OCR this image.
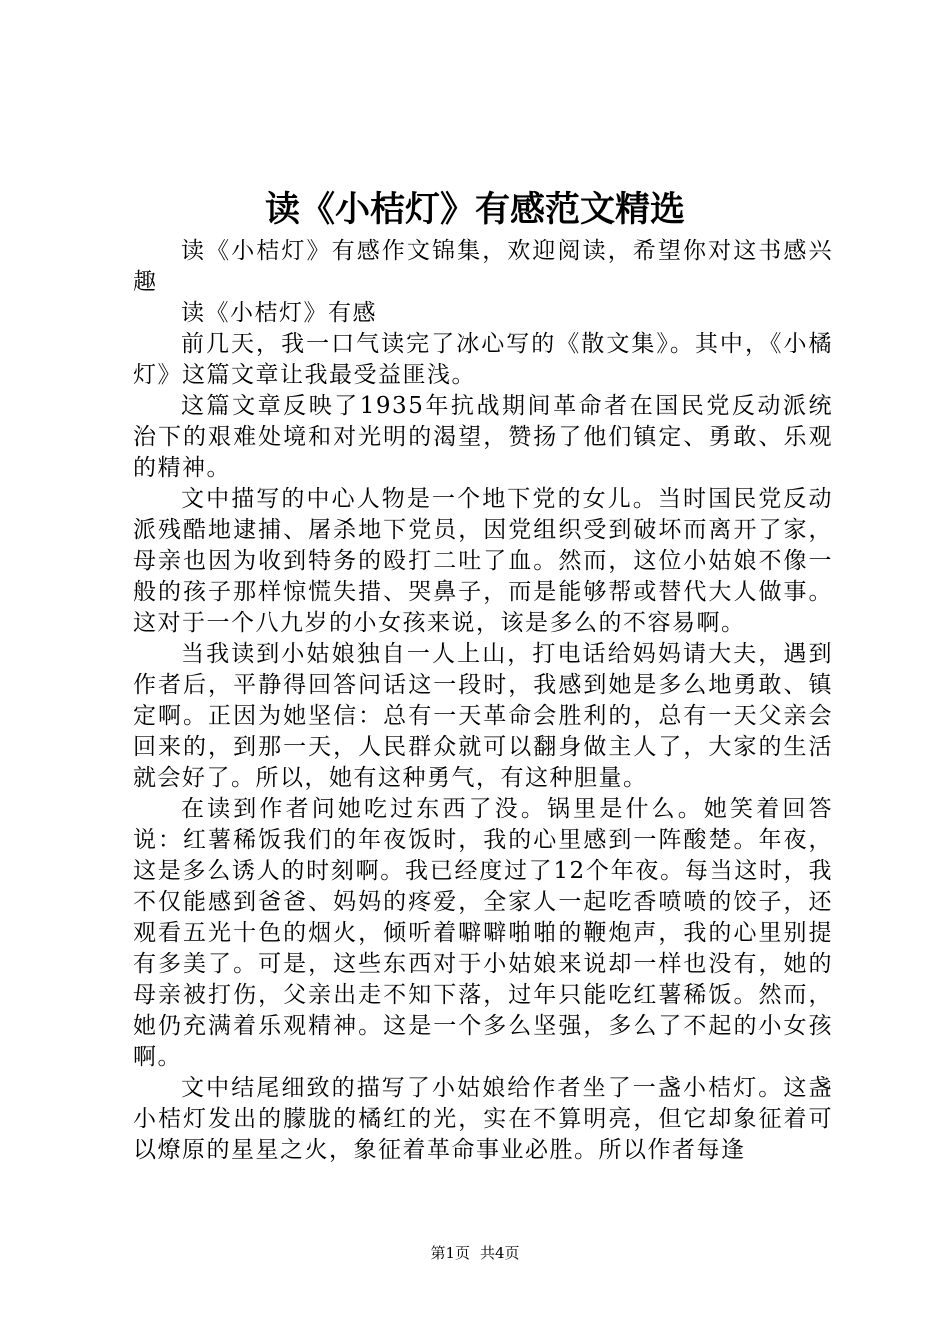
读《小桔灯》有感范文精选

读《小桔灯》有感作文锦集，欢迎阅读，希望你对这书感兴趣

读《小桔灯》有感

前几天，我一口气读完了冰心写的《散文集》。其中，《小橘灯》这篇文章让我最受益匪浅。

这篇文章反映了1935年抗战期间革命者在国民党反动派统治下的艰难处境和对光明的渴望，赞扬了他们镇定、勇敢、乐观的精神。

文中描写的中心人物是一个地下党的女儿。当时国民党反动派残酷地逮捕、屠杀地下党员，因党组织受到破坏而离开了家，母亲也因为收到特务的殴打二吐了血。然而，这位小姑娘不像一般的孩子那样惊慌失措、哭鼻子，而是能够帮或替代大人做事。这对于一个八九岁的小女孩来说，该是多么的不容易啊。

当我读到小姑娘独自一人上山，打电话给妈妈请大夫，遇到作者后，平静得回答问话这一段时，我感到她是多么地勇敢、镇定啊。正因为她坚信：总有一天革命会胜利的，总有一天父亲会回来的，到那一天，人民群众就可以翻身做主人了，大家的生活就会好了。所以，她有这种勇气，有这种胆量。

在读到作者问她吃过东西了没。锅里是什么。她笑着回答说：红薯稀饭我们的年夜饭时，我的心里感到一阵酸楚。年夜，这是多么诱人的时刻啊。我已经度过了12个年夜。每当这时，我不仅能感到爸爸、妈妈的疼爱，全家人一起吃香喷喷的饺子，还观看五光十色的烟火，倾听着噼噼啪啪的鞭炮声，我的心里别提有多美了。可是，这些东西对于小姑娘来说却一样也没有，她的母亲被打伤，父亲出走不知下落，过年只能吃红薯稀饭。然而，她仍充满着乐观精神。这是一个多么坚强，多么了不起的小女孩啊。

文中结尾细致的描写了小姑娘给作者坐了一盏小桔灯。这盏小桔灯发出的朦胧的橘红的光，实在不算明亮，但它却象征着可以燎原的星星之火，象征着革命事业必胜。所以作者每逢

第1页 共4页
